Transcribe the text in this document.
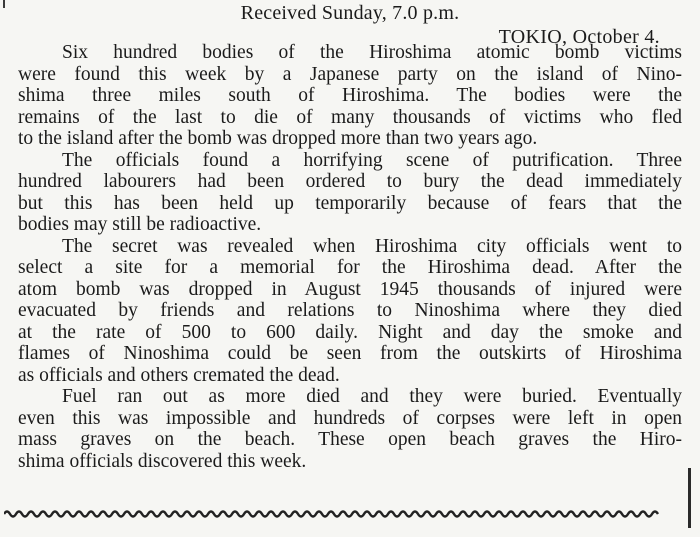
Received Sunday, 7.0 p.m.
TOKIO, October 4.

Six hundred bodies of the Hiroshima atomic bomb victims
were found this week by a Japanese party on the island of Nino-
shima three miles south of Hiroshima. The bodies were the
remains of the last to die of many thousands of victims who fled
to the island after the bomb was dropped more than two years ago.

The officials found a horrifying scene of putrification. Three
hundred labourers had been ordered to bury the dead immediately
but this has been held up temporarily because of fears that the
bodies may still be radioactive.

The secret was revealed when Hiroshima city officials went to
select a site for a memorial for the Hiroshima dead. After the
atom bomb was dropped in August 1945 thousands of injured were
evacuated by friends and relations to Ninoshima where they died
at the rate of 500 to 600 daily. Night and day the smoke and
flames of Ninoshima could be seen from the outskirts of Hiroshima
as officials and others cremated the dead.

Fuel ran out as more died and they were buried. Eventually
even this was impossible and hundreds of corpses were left in open
mass graves on the beach. These open beach graves the Hiro-
shima officials discovered this week.
